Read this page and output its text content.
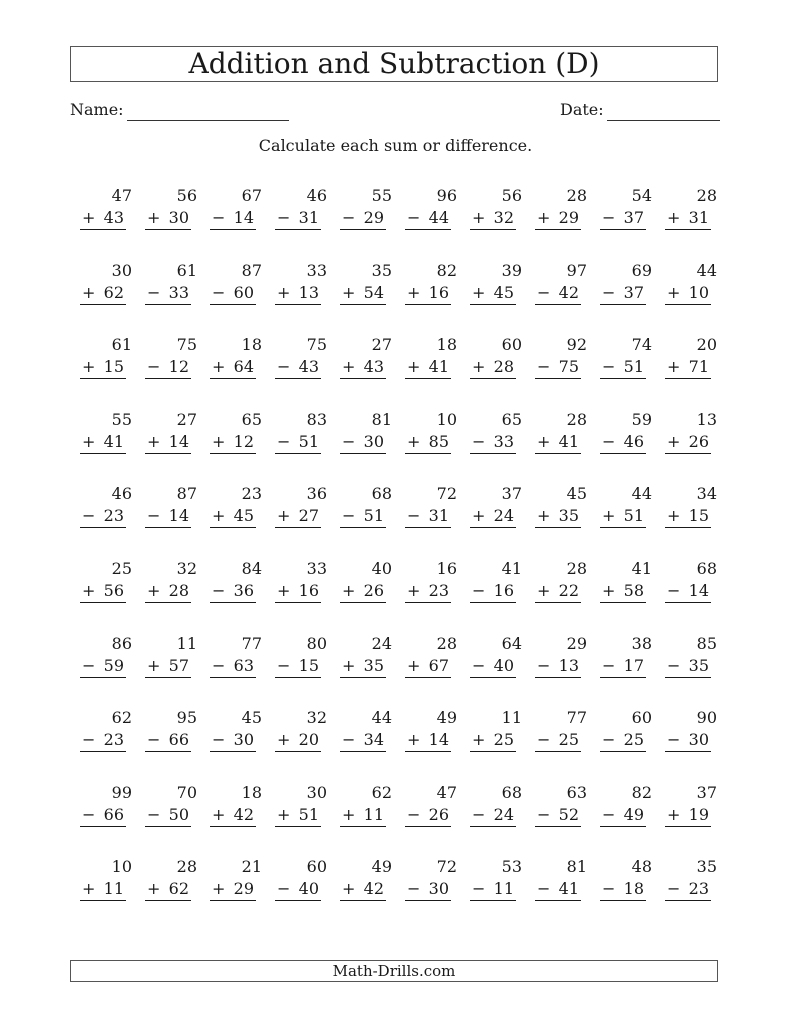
Addition and Subtraction (D)
Name:	Date:
Calculate each sum or difference.
47
+ 43
56
+ 30
67
− 14
46
− 31
55
− 29
96
− 44
56
+ 32
28
+ 29
54
− 37
28
+ 31
30
+ 62
61
− 33
87
− 60
33
+ 13
35
+ 54
82
+ 16
39
+ 45
97
− 42
69
− 37
44
+ 10
61
+ 15
75
− 12
18
+ 64
75
− 43
27
+ 43
18
+ 41
60
+ 28
92
− 75
74
− 51
20
+ 71
55
+ 41
27
+ 14
65
+ 12
83
− 51
81
− 30
10
+ 85
65
− 33
28
+ 41
59
− 46
13
+ 26
46
− 23
87
− 14
23
+ 45
36
+ 27
68
− 51
72
− 31
37
+ 24
45
+ 35
44
+ 51
34
+ 15
25
+ 56
32
+ 28
84
− 36
33
+ 16
40
+ 26
16
+ 23
41
− 16
28
+ 22
41
+ 58
68
− 14
86
− 59
11
+ 57
77
− 63
80
− 15
24
+ 35
28
+ 67
64
− 40
29
− 13
38
− 17
85
− 35
62
− 23
95
− 66
45
− 30
32
+ 20
44
− 34
49
+ 14
11
+ 25
77
− 25
60
− 25
90
− 30
99
− 66
70
− 50
18
+ 42
30
+ 51
62
+ 11
47
− 26
68
− 24
63
− 52
82
− 49
37
+ 19
10
+ 11
28
+ 62
21
+ 29
60
− 40
49
+ 42
72
− 30
53
− 11
81
− 41
48
− 18
35
− 23
Math-Drills.com
